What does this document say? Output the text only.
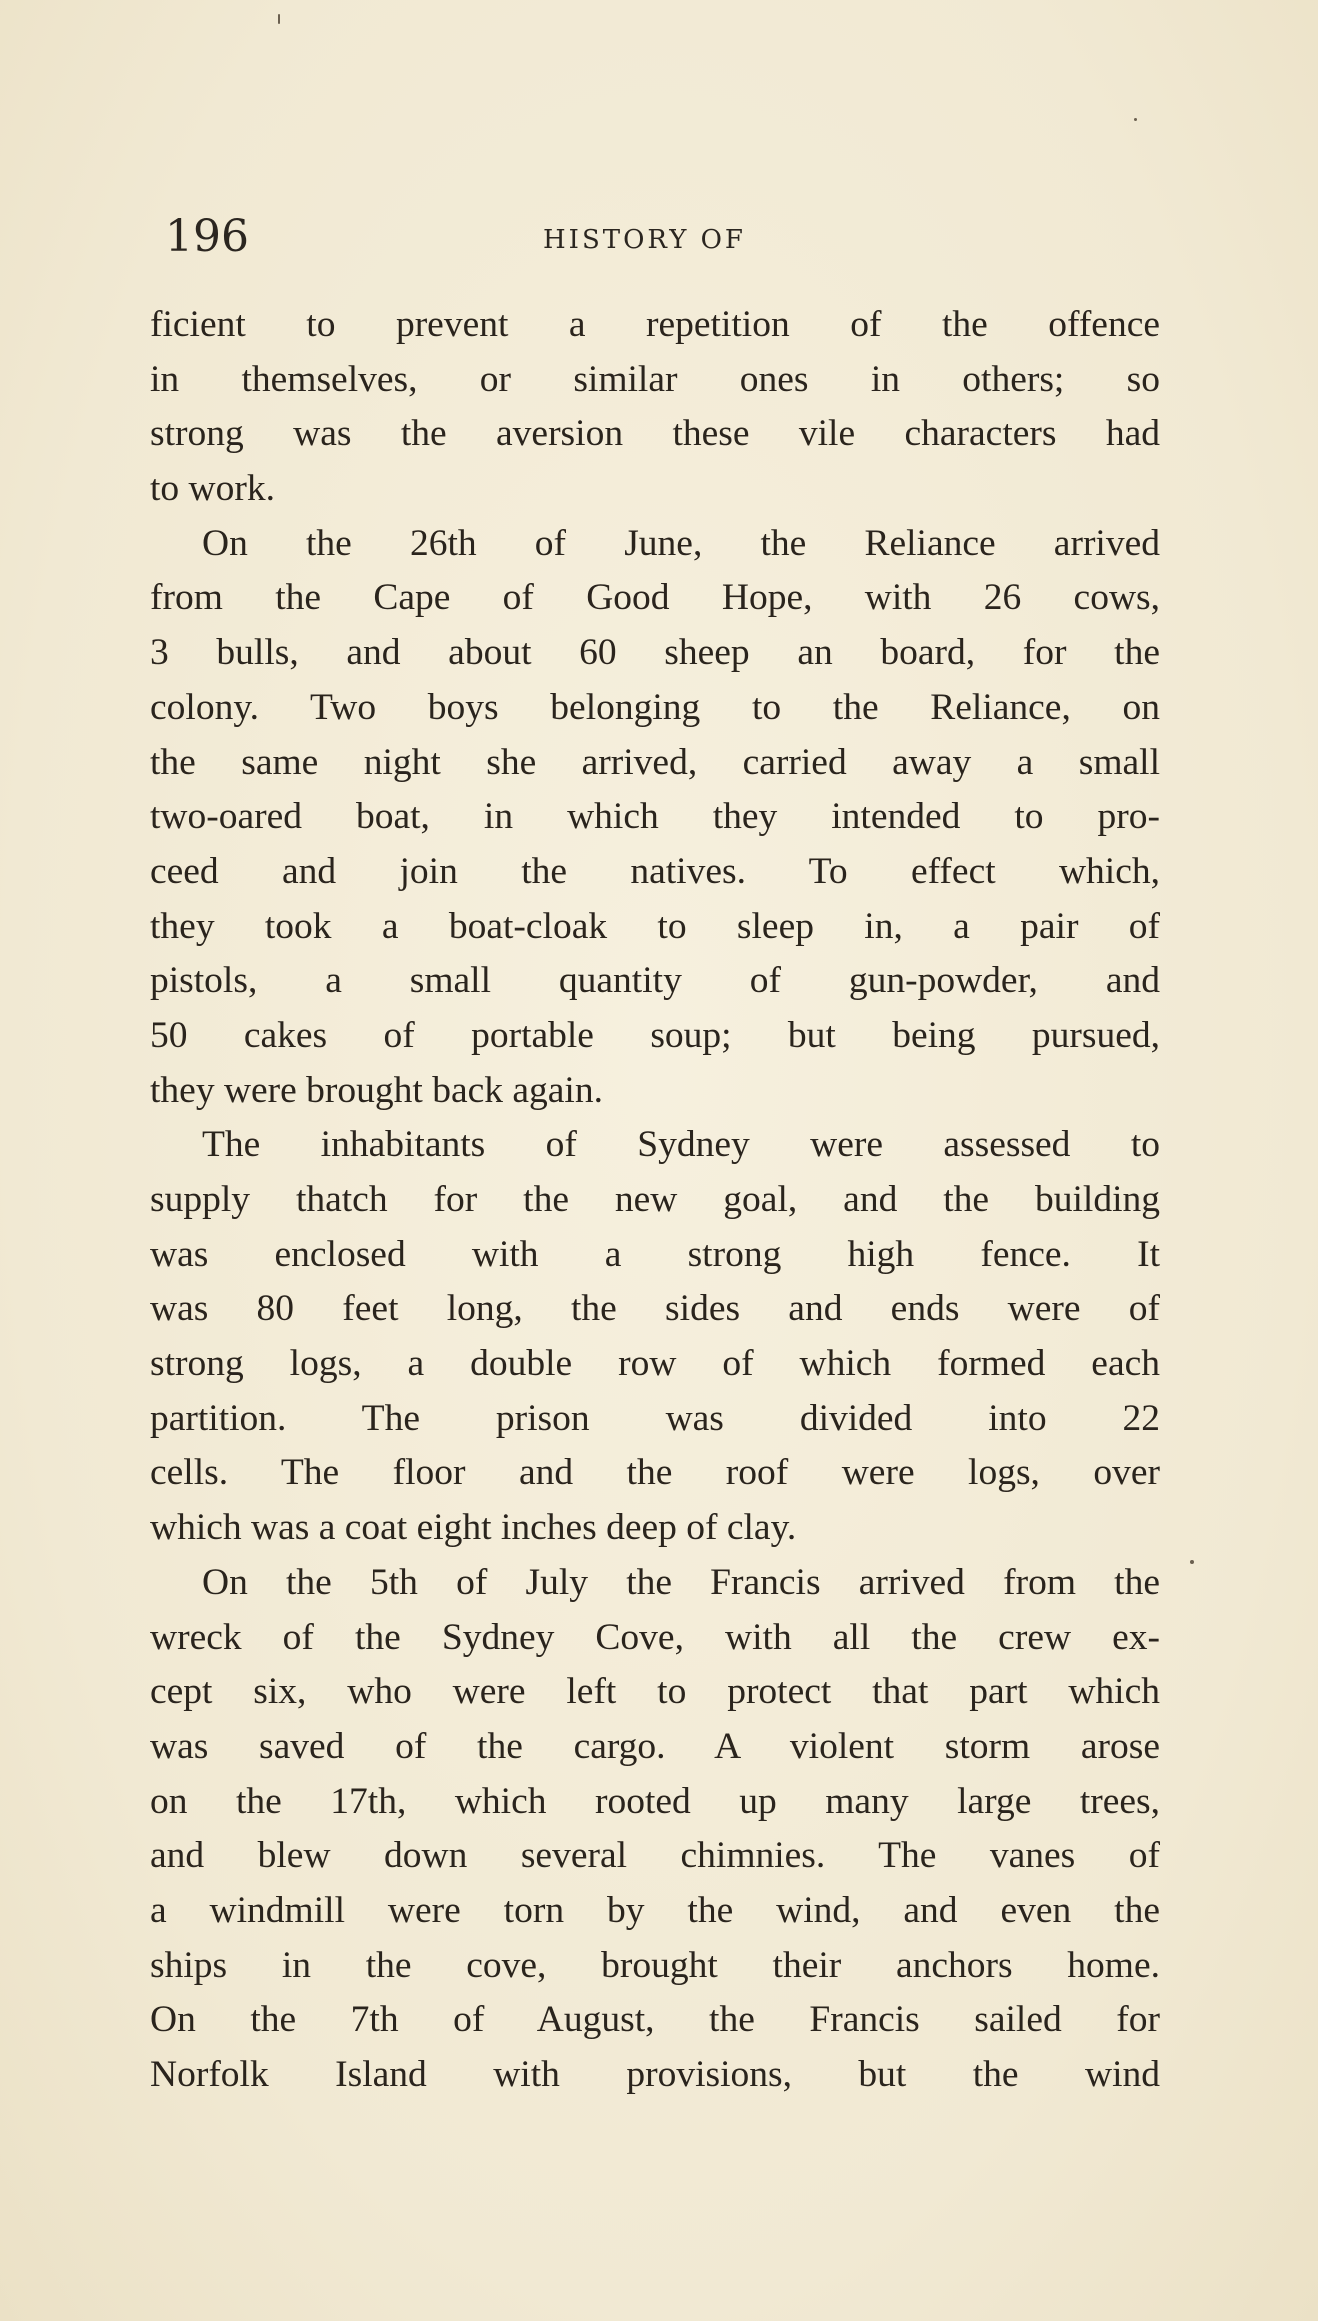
196	HISTORY OF
ficient to prevent a repetition of the offence
in themselves, or similar ones in others; so
strong was the aversion these vile characters had
to work.
On the 26th of June, the Reliance arrived
from the Cape of Good Hope, with 26 cows,
3 bulls, and about 60 sheep an board, for the
colony. Two boys belonging to the Reliance, on
the same night she arrived, carried away a small
two-oared boat, in which they intended to pro-
ceed and join the natives. To effect which,
they took a boat-cloak to sleep in, a pair of
pistols, a small quantity of gun-powder, and
50 cakes of portable soup; but being pursued,
they were brought back again.
The inhabitants of Sydney were assessed to
supply thatch for the new goal, and the building
was enclosed with a strong high fence. It
was 80 feet long, the sides and ends were of
strong logs, a double row of which formed each
partition. The prison was divided into 22
cells. The floor and the roof were logs, over
which was a coat eight inches deep of clay.
On the 5th of July the Francis arrived from the
wreck of the Sydney Cove, with all the crew ex-
cept six, who were left to protect that part which
was saved of the cargo. A violent storm arose
on the 17th, which rooted up many large trees,
and blew down several chimnies. The vanes of
a windmill were torn by the wind, and even the
ships in the cove, brought their anchors home.
On the 7th of August, the Francis sailed for
Norfolk Island with provisions, but the wind
